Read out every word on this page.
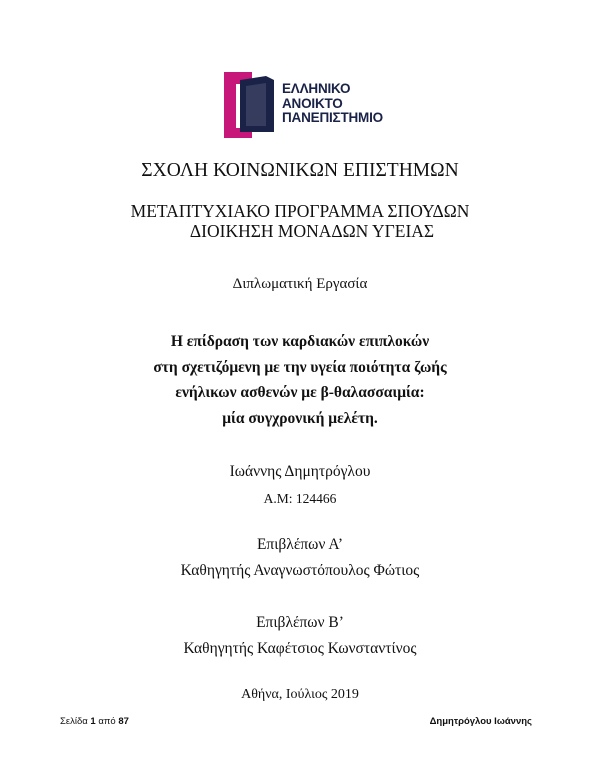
ΕΛΛΗΝΙΚΟ
ΑΝΟΙΚΤΟ
ΠΑΝΕΠΙΣΤΗΜΙΟ
ΣΧΟΛΗ ΚΟΙΝΩΝΙΚΩΝ ΕΠΙΣΤΗΜΩΝ
ΜΕΤΑΠΤΥΧΙΑΚΟ ΠΡΟΓΡΑΜΜΑ ΣΠΟΥΔΩΝ
ΔΙΟΙΚΗΣΗ ΜΟΝΑΔΩΝ ΥΓΕΙΑΣ
Διπλωματική Εργασία
Η επίδραση των καρδιακών επιπλοκών
στη σχετιζόμενη με την υγεία ποιότητα ζωής
ενήλικων ασθενών με β-θαλασσαιμία:
μία συγχρονική μελέτη.
Ιωάννης Δημητρόγλου
Α.Μ: 124466
Επιβλέπων Α’
Καθηγητής Αναγνωστόπουλος Φώτιος
Επιβλέπων Β’
Καθηγητής Καφέτσιος Κωνσταντίνος
Αθήνα, Ιούλιος 2019
Σελίδα 1 από 87	Δημητρόγλου Ιωάννης
